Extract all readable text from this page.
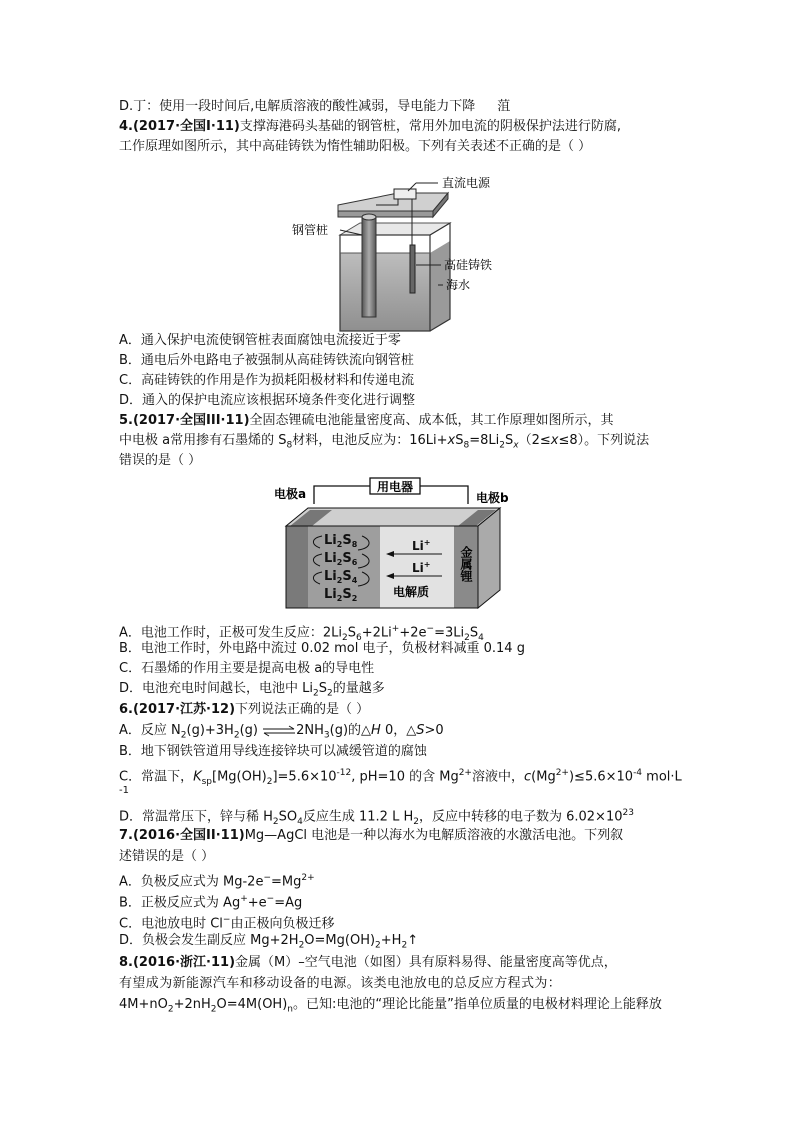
D.丁：使用一段时间后,电解质溶液的酸性减弱，导电能力下降 菹
4.(2017·全国Ⅰ·11)支撑海港码头基础的钢管桩，常用外加电流的阴极保护法进行防腐,
工作原理如图所示，其中高硅铸铁为惰性辅助阳极。下列有关表述不正确的是（ ）
直流电源
钢管桩
高硅铸铁
海水
A．通入保护电流使钢管桩表面腐蚀电流接近于零
B．通电后外电路电子被强制从高硅铸铁流向钢管桩
C．高硅铸铁的作用是作为损耗阳极材料和传递电流
D．通入的保护电流应该根据环境条件变化进行调整
5.(2017·全国III·11)全固态锂硫电池能量密度高、成本低，其工作原理如图所示，其
中电极 a常用掺有石墨烯的 $S_8$材料，电池反应为：$16Li+xS_8=8Li_2S_x(2\le x\le 8)$。下列说法
错误的是（ ）
用电器
电极a	电极b
$Li_2S_8$
$Li_2S_6$
$Li_2S_4$
$Li_2S_2$
Li+
Li+
电解质
金属锂
A．电池工作时，正极可发生反应：$2Li_2S_6+2Li^++2e^-=3Li_2S_4$
B．电池工作时，外电路中流过 0.02 mol 电子，负极材料减重 0.14 g
C．石墨烯的作用主要是提高电极 a的导电性
D．电池充电时间越长，电池中 $Li_2S_2$的量越多
6.(2017·江苏·12)下列说法正确的是（ ）
A．反应 $N_2(g)+3H_2(g)$ $\rightleftharpoons 2NH_3(g)$的△H 0，△S>0
B．地下钢铁管道用导线连接锌块可以减缓管道的腐蚀
C．常温下，$K_{sp}[Mg(OH)_2]=5.6\times 10^{-12}$, pH=10 的含 $Mg^{2+}$溶液中，$c(Mg^{2+})\le 5.6\times 10^{-4}$ mol·L
-1
D．常温常压下，锌与稀 $H_2SO_4$反应生成 11.2 L $H_2$，反应中转移的电子数为 $6.02\times 10^{23}$
7.(2016·全国II·11)Mg—AgCl 电池是一种以海水为电解质溶液的水激活电池。下列叙
述错误的是（ ）
A．负极反应式为 $Mg-2e^-=Mg^{2+}$
B．正极反应式为 Ag++e−=Ag
C．电池放电时 Cl−由正极向负极迁移
D．负极会发生副反应 $Mg+2H_2O=Mg(OH)_2+H_2↑$
8.(2016·浙江·11)金属（M）–空气电池（如图）具有原料易得、能量密度高等优点，
有望成为新能源汽车和移动设备的电源。该类电池放电的总反应方程式为：
$4M+nO_2+2nH_2O=4M(OH)_n$。已知:电池的“理论比能量”指单位质量的电极材料理论上能释放
